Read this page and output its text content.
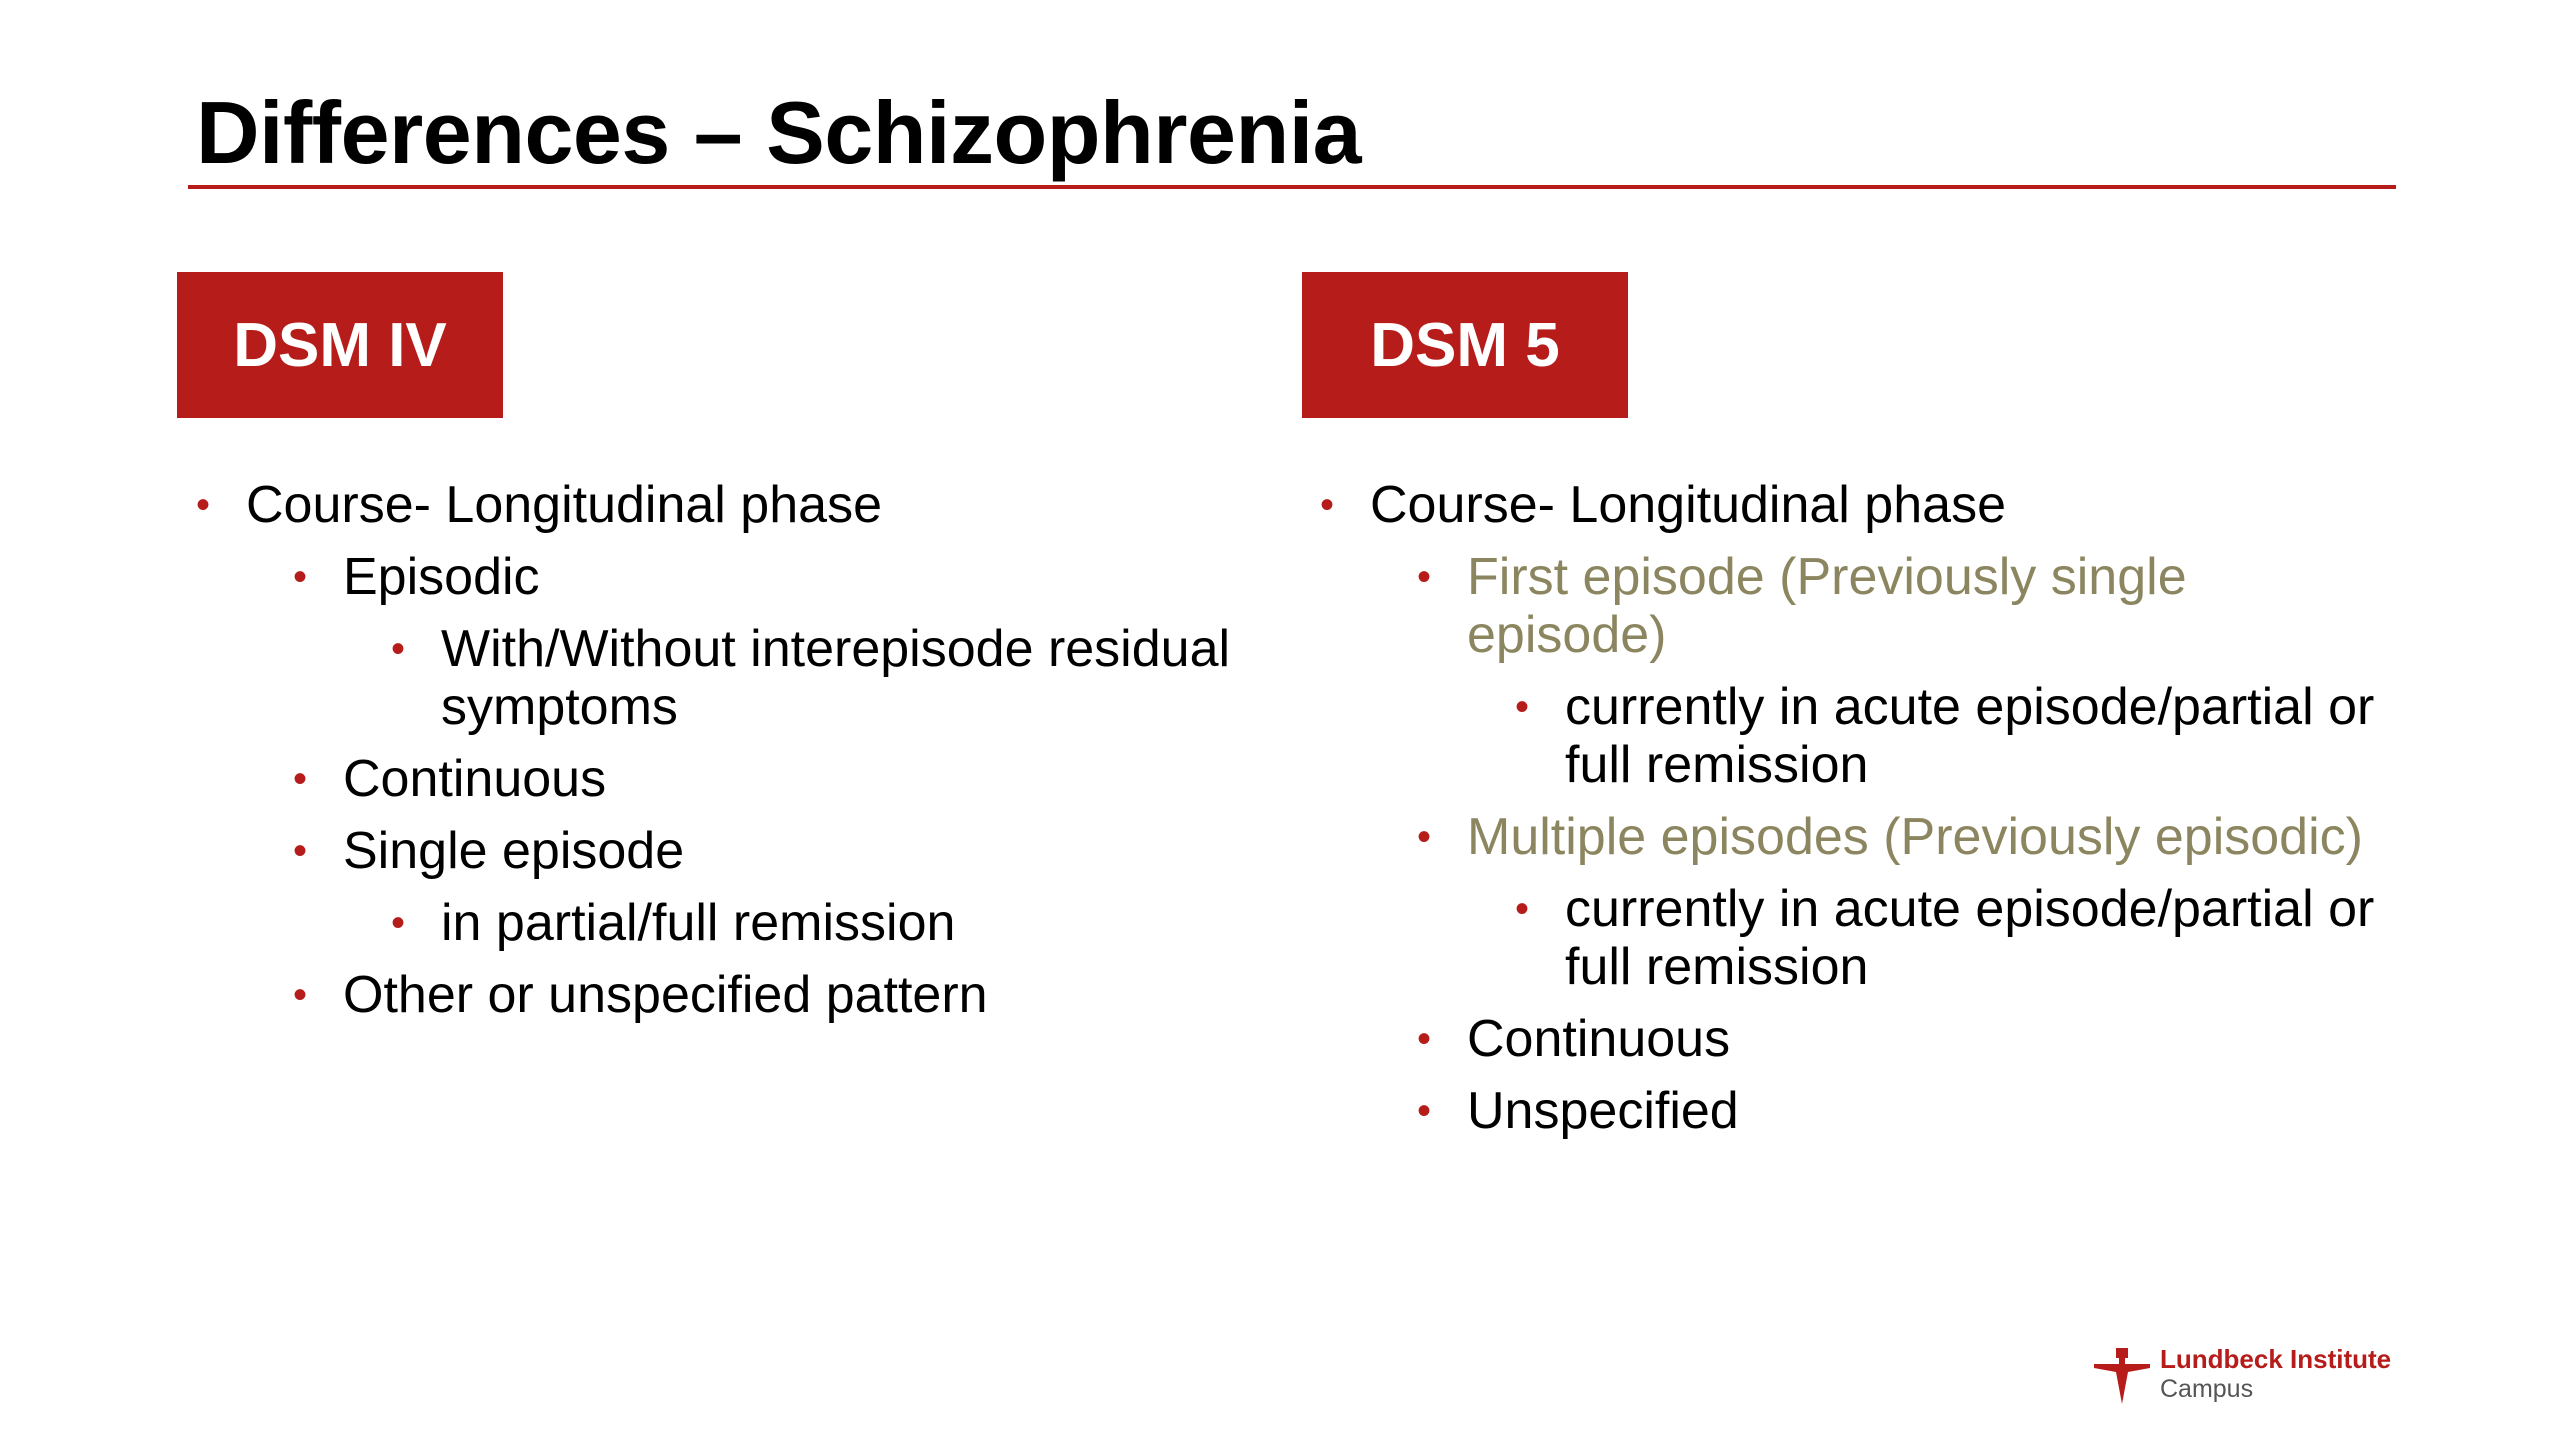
Differences – Schizophrenia
DSM IV	DSM 5
• Course- Longitudinal phase
• Episodic
• With/Without interepisode residual symptoms
• Continuous
• Single episode
• in partial/full remission
• Other or unspecified pattern
• Course- Longitudinal phase
• First episode (Previously single episode)
• currently in acute episode/partial or full remission
• Multiple episodes (Previously episodic)
• currently in acute episode/partial or full remission
• Continuous
• Unspecified
Lundbeck Institute
Campus
